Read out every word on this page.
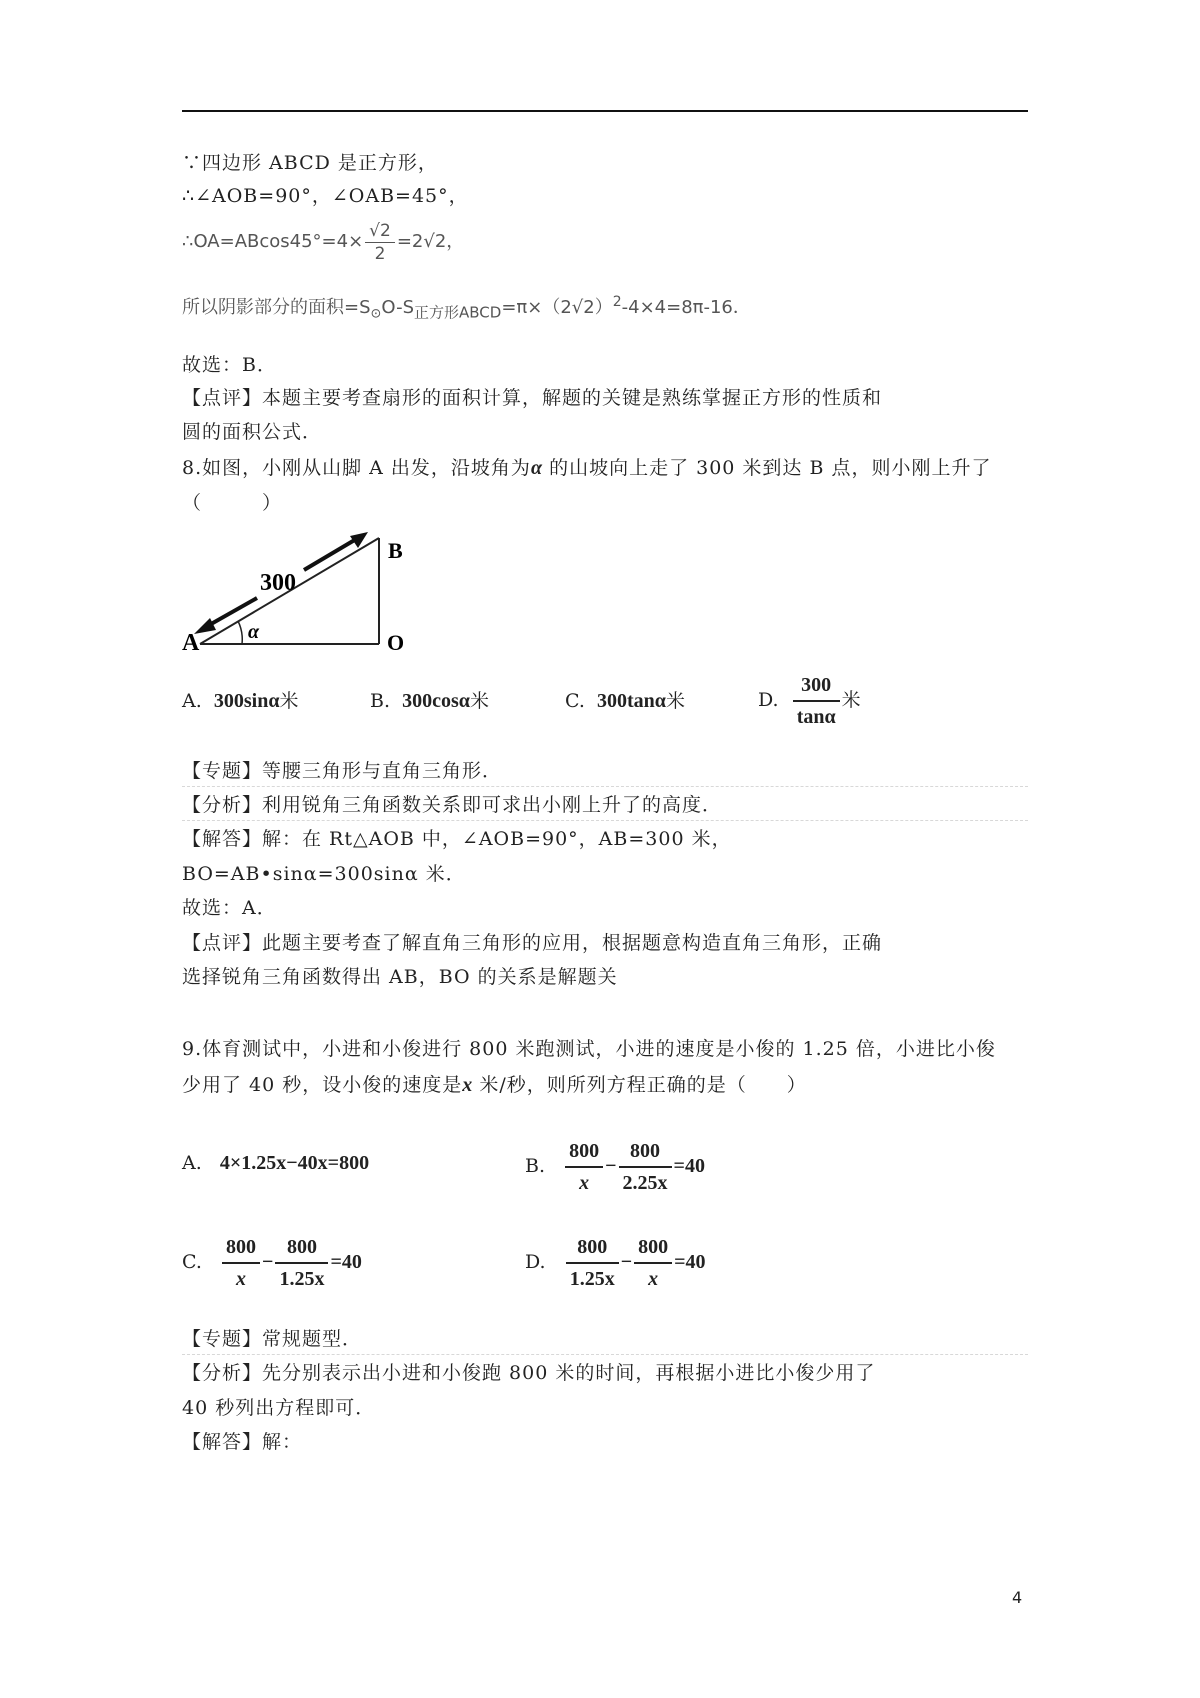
∵四边形 ABCD 是正方形，
∴∠AOB=90°，∠OAB=45°，
∴OA=ABcos45°=4× $\frac{√2}{2} =2√2$，
所以阴影部分的面积$=S_⊙O-S_{正方形ABCD}=\pi\times(2√2)^2-4\times 4=8\pi-16$．
故选：B．
【点评】本题主要考查扇形的面积计算，解题的关键是熟练掌握正方形的性质和
圆的面积公式．
8.如图，小刚从山脚 A 出发，沿坡角为α 的山坡向上走了 300 米到达 B 点，则小刚上升了
（　　　）
300
A
B
O
α
A. 300sinα米	B. 300cosα米	C. 300tanα米	D. $\frac{300}{\tan\alpha}$ 米
【专题】等腰三角形与直角三角形．
【分析】利用锐角三角函数关系即可求出小刚上升了的高度．
【解答】解：在 Rt△AOB 中，∠AOB=90°，AB=300 米，
BO=AB•sinα=300sinα 米．
故选：A．
【点评】此题主要考查了解直角三角形的应用，根据题意构造直角三角形，正确
选择锐角三角函数得出 AB，BO 的关系是解题关
9.体育测试中，小进和小俊进行 800 米跑测试，小进的速度是小俊的 1.25 倍，小进比小俊
少用了 40 秒，设小俊的速度是x 米/秒，则所列方程正确的是（　　）
A. 4×1.25x−40x=800	B. $\frac{800}{x} - \frac{800}{2.25x} =40$
C. $\frac{800}{x} - \frac{800}{1.25x} =40$	D. $\frac{800}{1.25x} - \frac{800}{x} =40$
【专题】常规题型．
【分析】先分别表示出小进和小俊跑 800 米的时间，再根据小进比小俊少用了
40 秒列出方程即可．
【解答】解：
4
